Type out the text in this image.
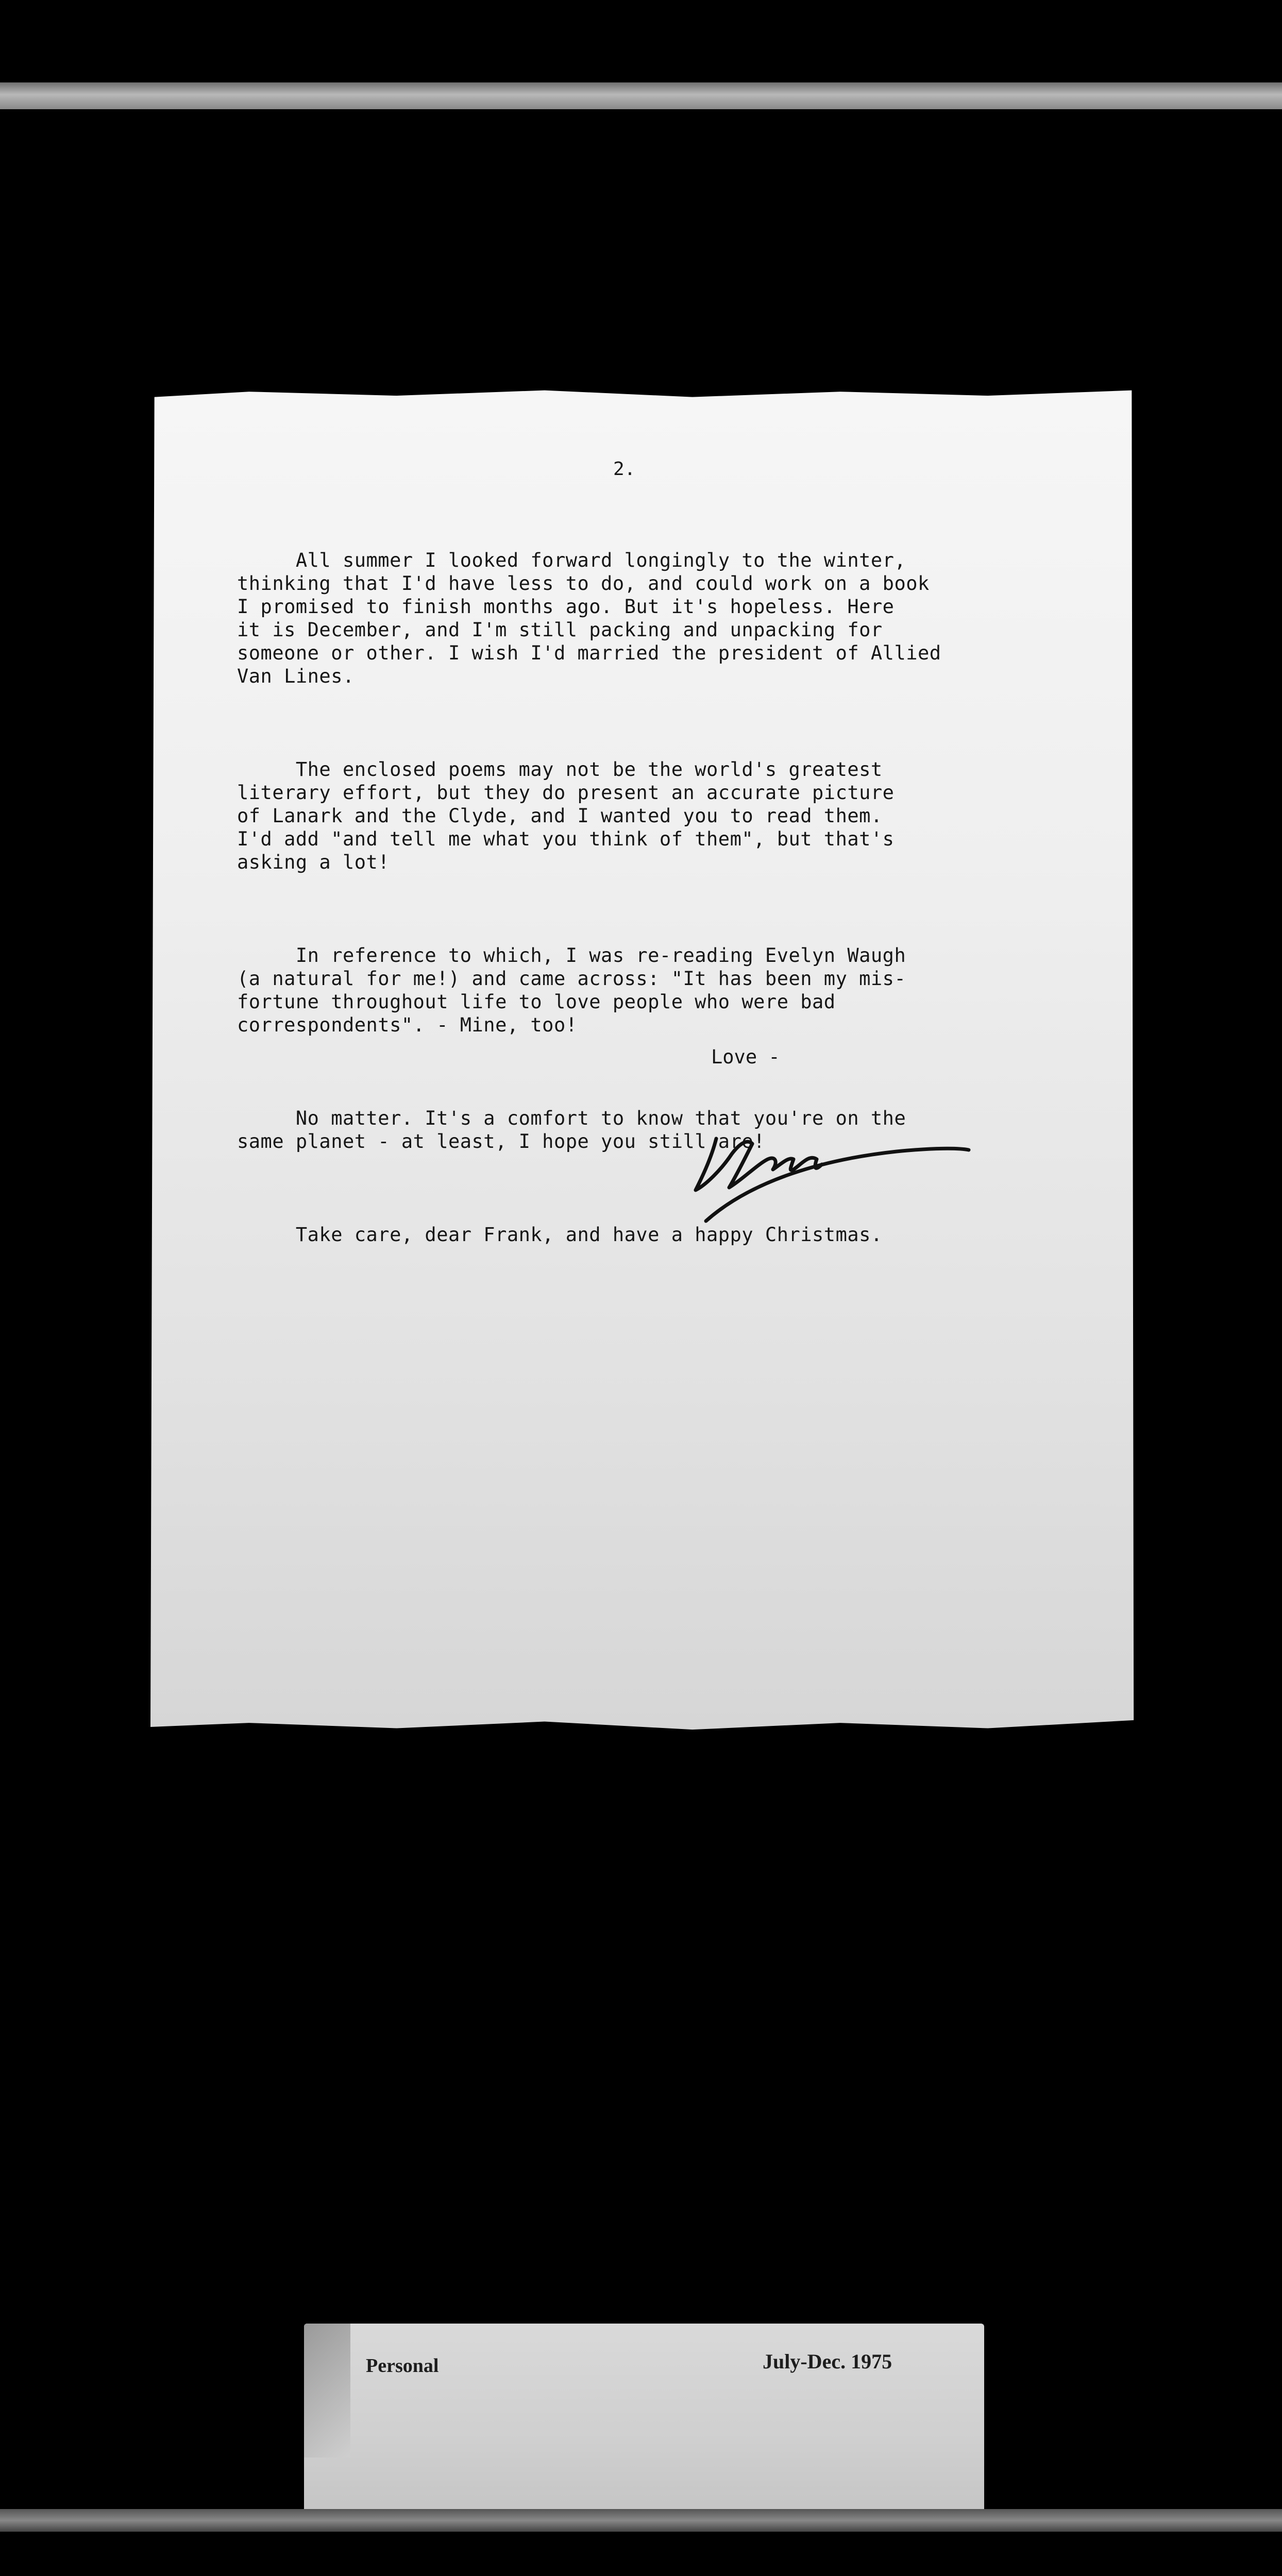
2.

All summer I looked forward longingly to the winter,
thinking that I'd have less to do, and could work on a book
I promised to finish months ago. But it's hopeless. Here
it is December, and I'm still packing and unpacking for
someone or other. I wish I'd married the president of Allied
Van Lines.

The enclosed poems may not be the world's greatest
literary effort, but they do present an accurate picture
of Lanark and the Clyde, and I wanted you to read them.
I'd add "and tell me what you think of them", but that's
asking a lot!

In reference to which, I was re-reading Evelyn Waugh
(a natural for me!) and came across: "It has been my mis-
fortune throughout life to love people who were bad
correspondents". - Mine, too!

No matter. It's a comfort to know that you're on the
same planet - at least, I hope you still are!

Take care, dear Frank, and have a happy Christmas.

Love -
Personal	July-Dec. 1975
